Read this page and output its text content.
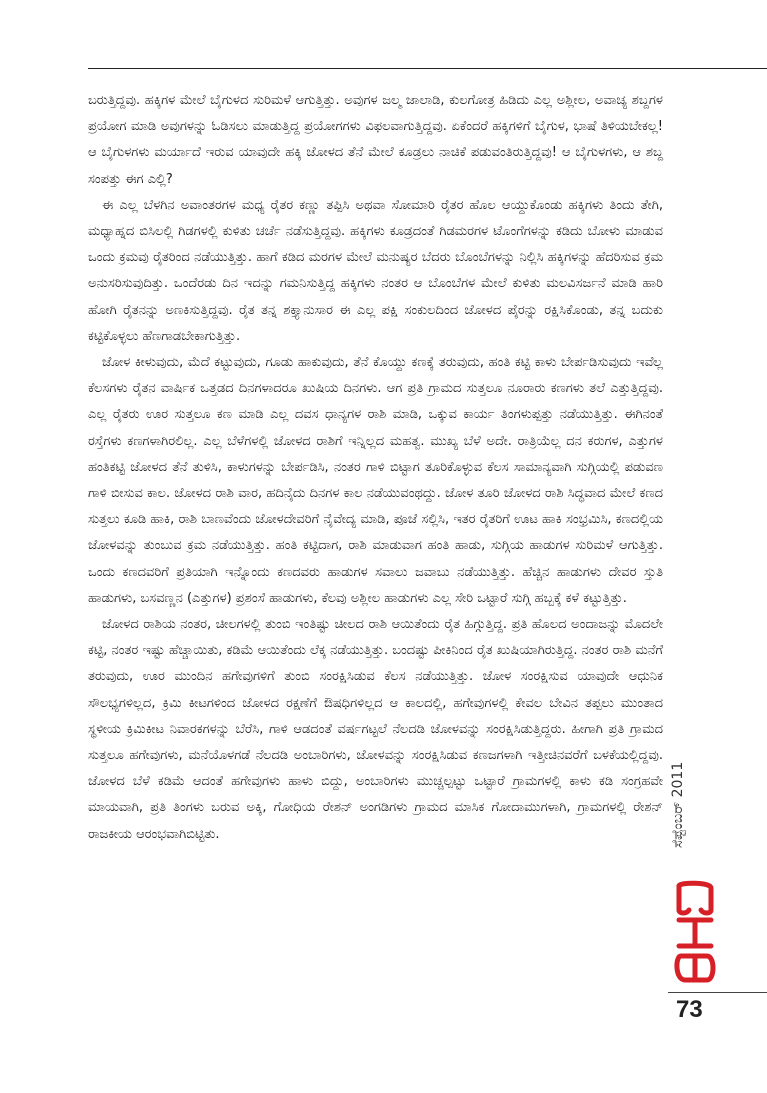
ಬರುತ್ತಿದ್ದವು. ಹಕ್ಕಿಗಳ ಮೇಲೆ ಬೈಗುಳದ ಸುರಿಮಳೆ ಆಗುತ್ತಿತ್ತು. ಅವುಗಳ ಜಲ್ಮ ಜಾಲಾಡಿ, ಕುಲಗೋತ್ರ ಹಿಡಿದು ಎಲ್ಲ ಅಶ್ಲೀಲ, ಅವಾಚ್ಯ ಶಬ್ದಗಳ ಪ್ರಯೋಗ ಮಾಡಿ ಅವುಗಳನ್ನು ಓಡಿಸಲು ಮಾಡುತ್ತಿದ್ದ ಪ್ರಯೋಗಗಳು ವಿಫಲವಾಗುತ್ತಿದ್ದವು. ಏಕೆಂದರೆ ಹಕ್ಕಿಗಳಿಗೆ ಬೈಗುಳ, ಭಾಷೆ ತಿಳಿಯಬೇಕಲ್ಲ! ಆ ಬೈಗುಳಗಳು ಮರ್ಯಾದೆ ಇರುವ ಯಾವುದೇ ಹಕ್ಕಿ ಜೋಳದ ತೆನೆ ಮೇಲೆ ಕೂಡ್ರಲು ನಾಚಿಕೆ ಪಡುವಂತಿರುತ್ತಿದ್ದವು! ಆ ಬೈಗುಳಗಳು, ಆ ಶಬ್ದ ಸಂಪತ್ತು ಈಗ ಎಲ್ಲಿ?

ಈ ಎಲ್ಲ ಬೆಳಗಿನ ಅವಾಂತರಗಳ ಮಧ್ಯ ರೈತರ ಕಣ್ಣು ತಪ್ಪಿಸಿ ಅಥವಾ ಸೋಮಾರಿ ರೈತರ ಹೊಲ ಆಯ್ದುಕೊಂಡು ಹಕ್ಕಿಗಳು ತಿಂದು ತೇಗಿ, ಮಧ್ಯಾಹ್ನದ ಬಿಸಿಲಲ್ಲಿ ಗಿಡಗಳಲ್ಲಿ ಕುಳಿತು ಚರ್ಚೆ ನಡೆಸುತ್ತಿದ್ದವು. ಹಕ್ಕಿಗಳು ಕೂಡ್ರದಂತೆ ಗಿಡಮರಗಳ ಟೊಂಗೆಗಳನ್ನು ಕಡಿದು ಬೋಳು ಮಾಡುವ ಒಂದು ಕ್ರಮವು ರೈತರಿಂದ ನಡೆಯುತ್ತಿತ್ತು. ಹಾಗೆ ಕಡಿದ ಮರಗಳ ಮೇಲೆ ಮನುಷ್ಯರ ಬೆದರು ಬೊಂಬೆಗಳನ್ನು ನಿಲ್ಲಿಸಿ ಹಕ್ಕಿಗಳನ್ನು ಹೆದರಿಸುವ ಕ್ರಮ ಅನುಸರಿಸುವುದಿತ್ತು. ಒಂದೆರಡು ದಿನ ಇದನ್ನು ಗಮನಿಸುತ್ತಿದ್ದ ಹಕ್ಕಿಗಳು ನಂತರ ಆ ಬೊಂಬೆಗಳ ಮೇಲೆ ಕುಳಿತು ಮಲವಿಸರ್ಜನೆ ಮಾಡಿ ಹಾರಿ ಹೋಗಿ ರೈತನನ್ನು ಅಣಕಿಸುತ್ತಿದ್ದವು. ರೈತ ತನ್ನ ಶಕ್ತ್ಯಾನುಸಾರ ಈ ಎಲ್ಲ ಪಕ್ಷಿ ಸಂಕುಲದಿಂದ ಜೋಳದ ಪೈರನ್ನು ರಕ್ಷಿಸಿಕೊಂಡು, ತನ್ನ ಬದುಕು ಕಟ್ಟಿಕೊಳ್ಳಲು ಹೆಣಗಾಡಬೇಕಾಗುತ್ತಿತ್ತು.

ಜೋಳ ಕೀಳುವುದು, ಮೆದೆ ಕಟ್ಟುವುದು, ಗೂಡು ಹಾಕುವುದು, ತೆನೆ ಕೊಯ್ದು ಕಣಕ್ಕೆ ತರುವುದು, ಹಂತಿ ಕಟ್ಟಿ ಕಾಳು ಬೇರ್ಪಡಿಸುವುದು ಇವೆಲ್ಲ ಕೆಲಸಗಳು ರೈತನ ವಾರ್ಷಿಕ ಒತ್ತಡದ ದಿನಗಳಾದರೂ ಖುಷಿಯ ದಿನಗಳು. ಆಗ ಪ್ರತಿ ಗ್ರಾಮದ ಸುತ್ತಲೂ ನೂರಾರು ಕಣಗಳು ತಲೆ ಎತ್ತುತ್ತಿದ್ದವು. ಎಲ್ಲ ರೈತರು ಊರ ಸುತ್ತಲೂ ಕಣ ಮಾಡಿ ಎಲ್ಲ ದವಸ ಧಾನ್ಯಗಳ ರಾಶಿ ಮಾಡಿ, ಒಕ್ಕುವ ಕಾರ್ಯ ತಿಂಗಳುಪ್ಪತ್ತು ನಡೆಯುತ್ತಿತ್ತು. ಈಗಿನಂತೆ ರಸ್ತೆಗಳು ಕಣಗಳಾಗಿರಲಿಲ್ಲ. ಎಲ್ಲ ಬೆಳೆಗಳಲ್ಲಿ ಜೋಳದ ರಾಶಿಗೆ ಇನ್ನಿಲ್ಲದ ಮಹತ್ವ. ಮುಖ್ಯ ಬೆಳೆ ಅದೇ. ರಾತ್ರಿಯೆಲ್ಲ ದನ ಕರುಗಳ, ಎತ್ತುಗಳ ಹಂತಿಕಟ್ಟಿ ಜೋಳದ ತೆನೆ ತುಳಿಸಿ, ಕಾಳುಗಳನ್ನು ಬೇರ್ಪಡಿಸಿ, ನಂತರ ಗಾಳಿ ಬಿಟ್ಟಾಗ ತೂರಿಕೊಳ್ಳುವ ಕೆಲಸ ಸಾಮಾನ್ಯವಾಗಿ ಸುಗ್ಗಿಯಲ್ಲಿ ಪಡುವಣ ಗಾಳಿ ಬೀಸುವ ಕಾಲ. ಜೋಳದ ರಾಶಿ ವಾರ, ಹದಿನೈದು ದಿನಗಳ ಕಾಲ ನಡೆಯುವಂಥದ್ದು. ಜೋಳ ತೂರಿ ಜೋಳದ ರಾಶಿ ಸಿದ್ಧವಾದ ಮೇಲೆ ಕಣದ ಸುತ್ತಲು ಕೂಡಿ ಹಾಕಿ, ರಾಶಿ ಬಾಣವೆಂದು ಜೋಳದೇವರಿಗೆ ನೈವೇದ್ಯ ಮಾಡಿ, ಪೂಜೆ ಸಲ್ಲಿಸಿ, ಇತರ ರೈತರಿಗೆ ಊಟ ಹಾಕಿ ಸಂಭ್ರಮಿಸಿ, ಕಣದಲ್ಲಿಯ ಜೋಳವನ್ನು ತುಂಬುವ ಕ್ರಮ ನಡೆಯುತ್ತಿತ್ತು. ಹಂತಿ ಕಟ್ಟಿದಾಗ, ರಾಶಿ ಮಾಡುವಾಗ ಹಂತಿ ಹಾಡು, ಸುಗ್ಗಿಯ ಹಾಡುಗಳ ಸುರಿಮಳೆ ಆಗುತ್ತಿತ್ತು. ಒಂದು ಕಣದವರಿಗೆ ಪ್ರತಿಯಾಗಿ ಇನ್ನೊಂದು ಕಣದವರು ಹಾಡುಗಳ ಸವಾಲು ಜವಾಬು ನಡೆಯುತ್ತಿತ್ತು. ಹೆಚ್ಚಿನ ಹಾಡುಗಳು ದೇವರ ಸ್ತುತಿ ಹಾಡುಗಳು, ಬಸವಣ್ಣನ (ಎತ್ತುಗಳ) ಪ್ರಶಂಸೆ ಹಾಡುಗಳು, ಕೆಲವು ಅಶ್ಲೀಲ ಹಾಡುಗಳು ಎಲ್ಲ ಸೇರಿ ಒಟ್ಟಾರೆ ಸುಗ್ಗಿ ಹಬ್ಬಕ್ಕೆ ಕಳೆ ಕಟ್ಟುತ್ತಿತ್ತು.

ಜೋಳದ ರಾಶಿಯ ನಂತರ, ಚೀಲಗಳಲ್ಲಿ ತುಂಬಿ ಇಂತಿಷ್ಟು ಚೀಲದ ರಾಶಿ ಆಯಿತೆಂದು ರೈತ ಹಿಗ್ಗುತ್ತಿದ್ದ. ಪ್ರತಿ ಹೊಲದ ಅಂದಾಜನ್ನು ಮೊದಲೇ ಕಟ್ಟಿ, ನಂತರ ಇಷ್ಟು ಹೆಚ್ಚಾಯಿತು, ಕಡಿಮೆ ಆಯಿತೆಂದು ಲೆಕ್ಕ ನಡೆಯುತ್ತಿತ್ತು. ಬಂದಷ್ಟು ಪೀಕಿನಿಂದ ರೈತ ಖುಷಿಯಾಗಿರುತ್ತಿದ್ದ. ನಂತರ ರಾಶಿ ಮನೆಗೆ ತರುವುದು, ಊರ ಮುಂದಿನ ಹಗೇವುಗಳಿಗೆ ತುಂಬಿ ಸಂರಕ್ಷಿಸಿಡುವ ಕೆಲಸ ನಡೆಯುತ್ತಿತ್ತು. ಜೋಳ ಸಂರಕ್ಷಿಸುವ ಯಾವುದೇ ಆಧುನಿಕ ಸೌಲಭ್ಯಗಳಿಲ್ಲದ, ಕ್ರಿಮಿ ಕೀಟಗಳಿಂದ ಜೋಳದ ರಕ್ಷಣೆಗೆ ಔಷಧಿಗಳಿಲ್ಲದ ಆ ಕಾಲದಲ್ಲಿ, ಹಗೇವುಗಳಲ್ಲಿ ಕೇವಲ ಬೇವಿನ ತಪ್ಪಲು ಮುಂತಾದ ಸ್ಥಳೀಯ ಕ್ರಿಮಿಕೀಟ ನಿವಾರಕಗಳನ್ನು ಬೆರೆಸಿ, ಗಾಳಿ ಆಡದಂತೆ ವರ್ಷಗಟ್ಟಲೆ ನೆಲದಡಿ ಜೋಳವನ್ನು ಸಂರಕ್ಷಿಸಿಡುತ್ತಿದ್ದರು. ಹೀಗಾಗಿ ಪ್ರತಿ ಗ್ರಾಮದ ಸುತ್ತಲೂ ಹಗೇವುಗಳು, ಮನೆಯೊಳಗಡೆ ನೆಲದಡಿ ಅಂಬಾರಿಗಳು, ಜೋಳವನ್ನು ಸಂರಕ್ಷಿಸಿಡುವ ಕಣಜಗಳಾಗಿ ಇತ್ತೀಚಿನವರೆಗೆ ಬಳಕೆಯಲ್ಲಿದ್ದವು. ಜೋಳದ ಬೆಳೆ ಕಡಿಮೆ ಆದಂತೆ ಹಗೇವುಗಳು ಹಾಳು ಬಿದ್ದು, ಅಂಬಾರಿಗಳು ಮುಚ್ಚಲ್ಪಟ್ಟು ಒಟ್ಟಾರೆ ಗ್ರಾಮಗಳಲ್ಲಿ ಕಾಳು ಕಡಿ ಸಂಗ್ರಹವೇ ಮಾಯವಾಗಿ, ಪ್ರತಿ ತಿಂಗಳು ಬರುವ ಅಕ್ಕಿ, ಗೋಧಿಯ ರೇಶನ್ ಅಂಗಡಿಗಳು ಗ್ರಾಮದ ಮಾಸಿಕ ಗೋದಾಮುಗಳಾಗಿ, ಗ್ರಾಮಗಳಲ್ಲಿ ರೇಶನ್ ರಾಜಕೀಯ ಆರಂಭವಾಗಿಬಿಟ್ಟಿತು.	ಸೆಪ್ಟೆಂಬರ್ 2011
73
